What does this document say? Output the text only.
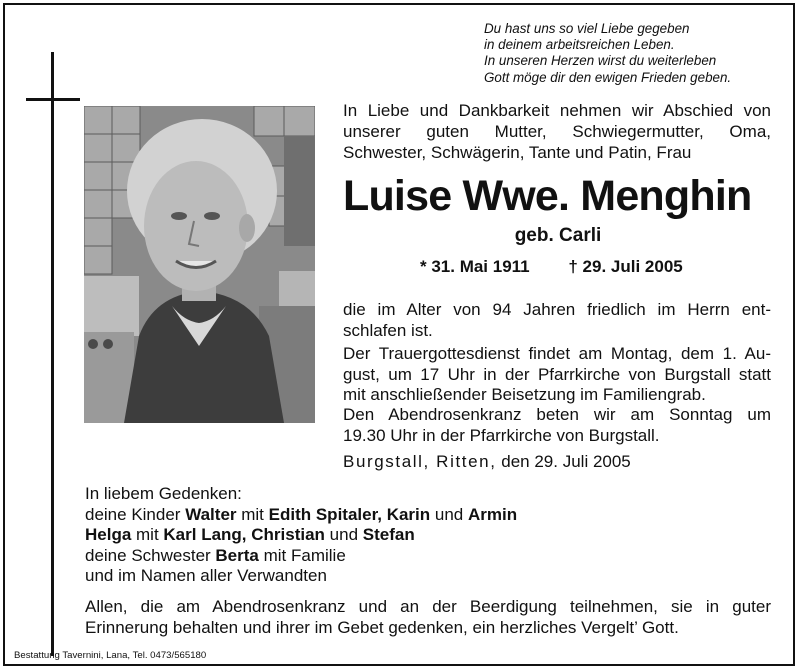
Du hast uns so viel Liebe gegeben
in deinem arbeitsreichen Leben.
In unseren Herzen wirst du weiterleben
Gott möge dir den ewigen Frieden geben.
In Liebe und Dankbarkeit nehmen wir Abschied von
unserer guten Mutter, Schwiegermutter, Oma,
Schwester, Schwägerin, Tante und Patin, Frau
Luise Wwe. Menghin
geb. Carli
* 31. Mai 1911 † 29. Juli 2005
die im Alter von 94 Jahren friedlich im Herrn ent-
schlafen ist.
Der Trauergottesdienst findet am Montag, dem 1. Au-
gust, um 17 Uhr in der Pfarrkirche von Burgstall statt
mit anschließender Beisetzung im Familiengrab.
Den Abendrosenkranz beten wir am Sonntag um
19.30 Uhr in der Pfarrkirche von Burgstall.
Burgstall, Ritten, den 29. Juli 2005
In liebem Gedenken:
deine Kinder Walter mit Edith Spitaler, Karin und Armin
Helga mit Karl Lang, Christian und Stefan
deine Schwester Berta mit Familie
und im Namen aller Verwandten
Allen, die am Abendrosenkranz und an der Beerdigung teilnehmen, sie in guter
Erinnerung behalten und ihrer im Gebet gedenken, ein herzliches Vergelt’ Gott.
Bestattung Tavernini, Lana, Tel. 0473/565180
